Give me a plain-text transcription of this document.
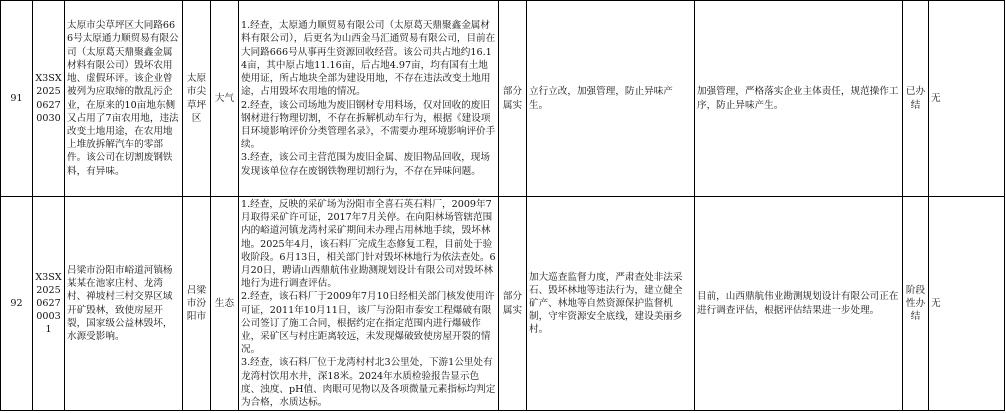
91	X3SX202506270030	太原市尖草坪区大同路666号太原通力顺贸易有限公司（太原葛天鼎聚鑫金属材料有限公司）毁坏农用地、虚假环评。该企业曾被列为应取缔的散乱污企业，在原来的10亩地东侧又占用了7亩农用地，违法改变土地用途，在农用地上堆放拆解汽车的零部件。该公司在切割废钢铁料，有异味。	太原市尖草坪区	大气	1.经查，太原通力顺贸易有限公司（太原葛天鼎聚鑫金属材料有限公司），后更名为山西金马汇通贸易有限公司，目前在大同路666号从事再生资源回收经营。该公司共占地约16.14亩，其中原占地11.16亩，后占地4.97亩，均有国有土地使用证，所占地块全部为建设用地，不存在违法改变土地用途，占用毁坏农用地的情况。
2.经查，该公司场地为废旧钢材专用料场，仅对回收的废旧钢材进行物理切割，不存在拆解机动车行为，根据《建设项目环境影响评价分类管理名录》，不需要办理环境影响评价手续。
3.经查，该公司主营范围为废旧金属、废旧物品回收，现场发现该单位存在废钢铁物理切割行为，不存在异味问题。	部分属实	立行立改，加强管理，防止异味产生。	加强管理，严格落实企业主体责任，规范操作工序，防止异味产生。	已办结	无
92	X3SX2025062700031	吕梁市汾阳市峪道河镇杨某某在池家庄村、龙湾村、禅坡村三村交界区域开矿毁林，致使房屋开裂，国家级公益林毁坏，水源受影响。	吕梁市汾阳市	生态	1.经查，反映的采矿场为汾阳市全喜石英石料厂，2009年7月取得采矿许可证，2017年7月关停。在向阳林场管辖范围内的峪道河镇龙湾村采矿期间未办理占用林地手续，毁坏林地。2025年4月，该石料厂完成生态修复工程，目前处于验收阶段。6月13日，相关部门针对毁坏林地行为依法查处。6月20日，聘请山西鼎航伟业勘测规划设计有限公司对毁坏林地行为进行调查评估。
2.经查，该石料厂于2009年7月10日经相关部门核发使用许可证，2011年10月11日，该厂与汾阳市泰安工程爆破有限公司签订了施工合同，根据约定在指定范围内进行爆破作业，采矿区与村庄距离较远，未发现爆破致使房屋开裂的情况。
3.经查，该石料厂位于龙湾村村北3公里处，下游1公里处有龙湾村饮用水井，深18米。2024年水质检验报告显示色度、浊度、pH值、肉眼可见物以及各项微量元素指标均判定为合格，水质达标。	部分属实	加大巡查监督力度，严肃查处非法采石、毁坏林地等违法行为，建立健全矿产、林地等自然资源保护监督机制，守牢资源安全底线，建设美丽乡村。	目前，山西鼎航伟业勘测规划设计有限公司正在进行调查评估，根据评估结果进一步处理。	阶段性办结	无
